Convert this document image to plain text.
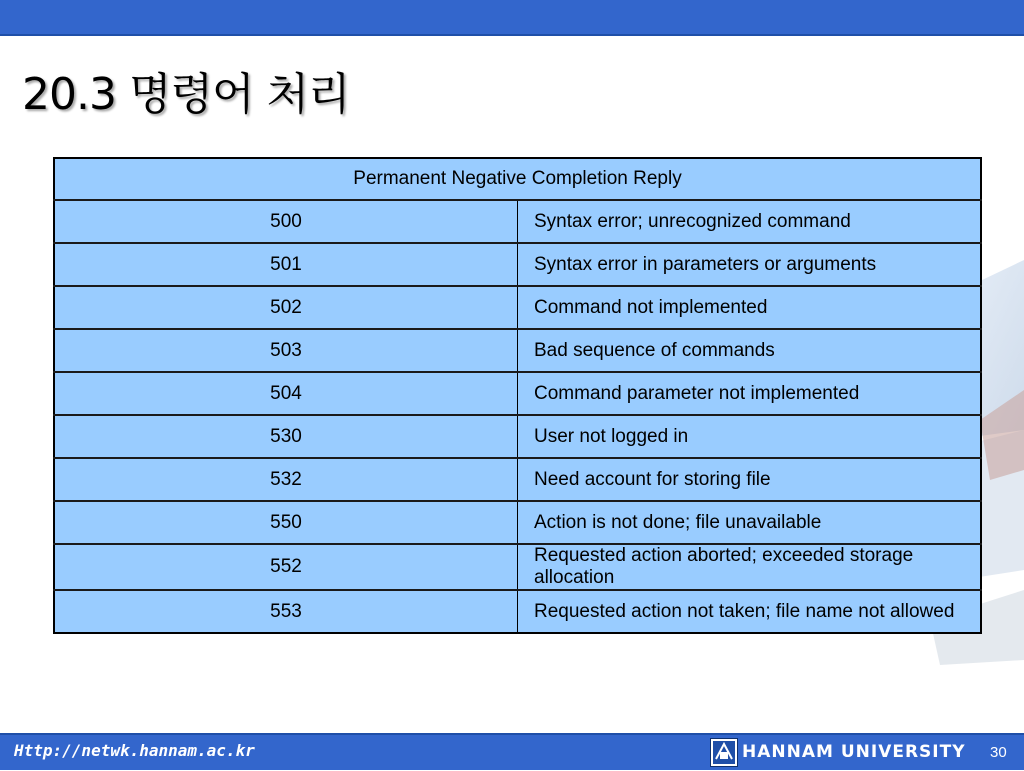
20.3 명령어 처리
Permanent Negative Completion Reply	
500	Syntax error; unrecognized command
501	Syntax error in parameters or arguments
502	Command not implemented
503	Bad sequence of commands
504	Command parameter not implemented
530	User not logged in
532	Need account for storing file
550	Action is not done; file unavailable
552	Requested action aborted; exceeded storage allocation
553	Requested action not taken; file name not allowed
Http://netwk.hannam.ac.kr	HANNAM UNIVERSITY 30
